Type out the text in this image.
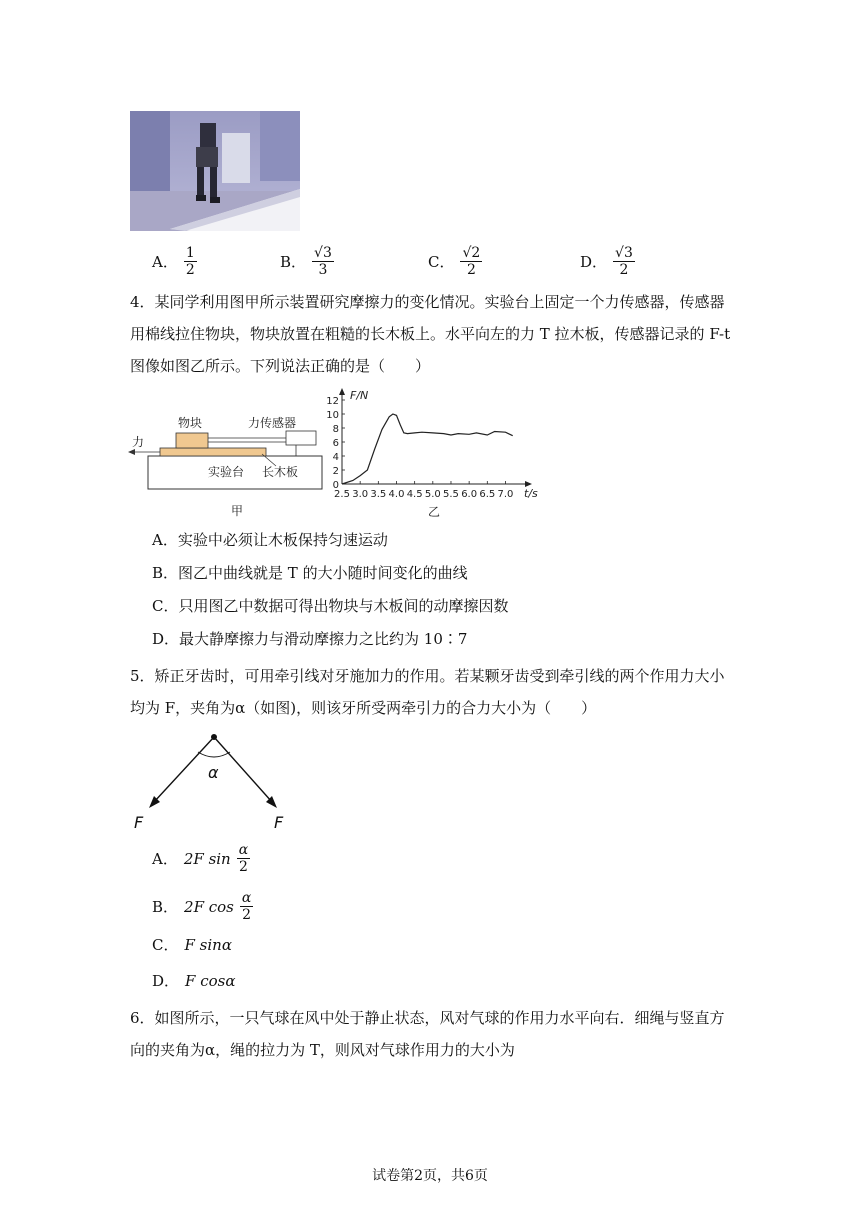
A． $\frac{1}{2}$	B． $\frac{√3}{3}$	C． $\frac{√2}{2}$	D． $\frac{√3}{2}$
4．某同学利用图甲所示装置研究摩擦力的变化情况。实验台上固定一个力传感器，传感器
用棉线拉住物块，物块放置在粗糙的长木板上。水平向左的力 T 拉木板，传感器记录的 F-t
图像如图乙所示。下列说法正确的是（　　）
物块	力传感器
力
实验台 长木板
甲
0
2
4
6
8
10
12
2.5 3.0 3.5 4.0 4.5 5.0 5.5 6.0 6.5 7.0
F/N
t/s
乙
A．实验中必须让木板保持匀速运动
B．图乙中曲线就是 T 的大小随时间变化的曲线
C．只用图乙中数据可得出物块与木板间的动摩擦因数
D．最大静摩擦力与滑动摩擦力之比约为 10∶7
5．矫正牙齿时，可用牵引线对牙施加力的作用。若某颗牙齿受到牵引线的两个作用力大小
均为 F，夹角为α（如图)，则该牙所受两牵引力的合力大小为（　　）
α
F	F
A． 2F $\sin \frac{\alpha}{2}$
B． 2F $\cos \frac{\alpha}{2}$
C． F sinα
D． F cosα
6．如图所示，一只气球在风中处于静止状态，风对气球的作用力水平向右．细绳与竖直方
向的夹角为α，绳的拉力为 T，则风对气球作用力的大小为
试卷第2页，共6页
